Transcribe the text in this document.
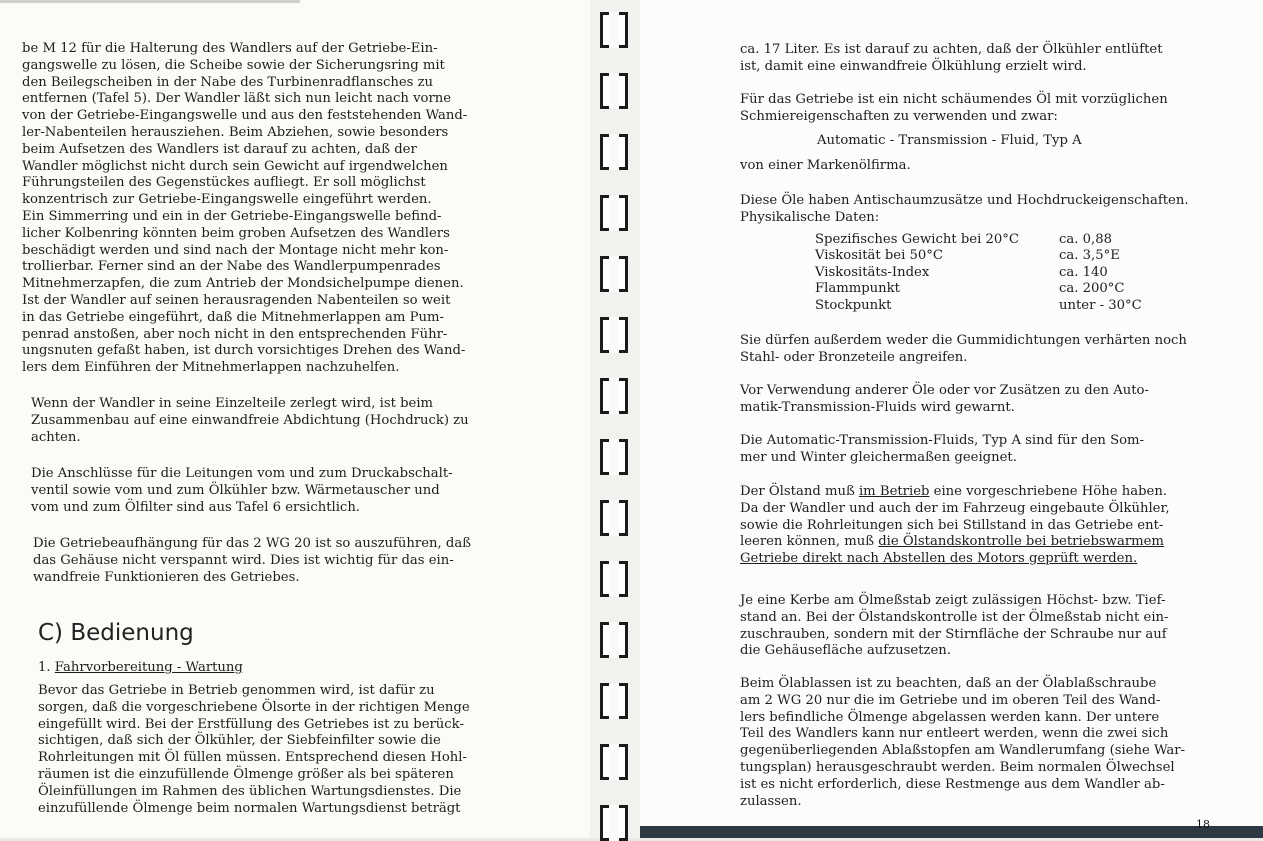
be M 12 für die Halterung des Wandlers auf der Getriebe-Ein-
gangswelle zu lösen, die Scheibe sowie der Sicherungsring mit
den Beilegscheiben in der Nabe des Turbinenradflansches zu
entfernen (Tafel 5). Der Wandler läßt sich nun leicht nach vorne
von der Getriebe-Eingangswelle und aus den feststehenden Wand-
ler-Nabenteilen herausziehen. Beim Abziehen, sowie besonders
beim Aufsetzen des Wandlers ist darauf zu achten, daß der
Wandler möglichst nicht durch sein Gewicht auf irgendwelchen
Führungsteilen des Gegenstückes aufliegt. Er soll möglichst
konzentrisch zur Getriebe-Eingangswelle eingeführt werden.
Ein Simmerring und ein in der Getriebe-Eingangswelle befind-
licher Kolbenring könnten beim groben Aufsetzen des Wandlers
beschädigt werden und sind nach der Montage nicht mehr kon-
trollierbar. Ferner sind an der Nabe des Wandlerpumpenrades
Mitnehmerzapfen, die zum Antrieb der Mondsichelpumpe dienen.
Ist der Wandler auf seinen herausragenden Nabenteilen so weit
in das Getriebe eingeführt, daß die Mitnehmerlappen am Pum-
penrad anstoßen, aber noch nicht in den entsprechenden Führ-
ungsnuten gefaßt haben, ist durch vorsichtiges Drehen des Wand-
lers dem Einführen der Mitnehmerlappen nachzuhelfen.
Wenn der Wandler in seine Einzelteile zerlegt wird, ist beim
Zusammenbau auf eine einwandfreie Abdichtung (Hochdruck) zu
achten.
Die Anschlüsse für die Leitungen vom und zum Druckabschalt-
ventil sowie vom und zum Ölkühler bzw. Wärmetauscher und
vom und zum Ölfilter sind aus Tafel 6 ersichtlich.
Die Getriebeaufhängung für das 2 WG 20 ist so auszuführen, daß
das Gehäuse nicht verspannt wird. Dies ist wichtig für das ein-
wandfreie Funktionieren des Getriebes.
C) Bedienung
1. Fahrvorbereitung - Wartung
Bevor das Getriebe in Betrieb genommen wird, ist dafür zu
sorgen, daß die vorgeschriebene Ölsorte in der richtigen Menge
eingefüllt wird. Bei der Erstfüllung des Getriebes ist zu berück-
sichtigen, daß sich der Ölkühler, der Siebfeinfilter sowie die
Rohrleitungen mit Öl füllen müssen. Entsprechend diesen Hohl-
räumen ist die einzufüllende Ölmenge größer als bei späteren
Öleinfüllungen im Rahmen des üblichen Wartungsdienstes. Die
einzufüllende Ölmenge beim normalen Wartungsdienst beträgt
ca. 17 Liter. Es ist darauf zu achten, daß der Ölkühler entlüftet
ist, damit eine einwandfreie Ölkühlung erzielt wird.
Für das Getriebe ist ein nicht schäumendes Öl mit vorzüglichen
Schmiereigenschaften zu verwenden und zwar:
von einer Markenölfirma.
Diese Öle haben Antischaumzusätze und Hochdruckeigenschaften.
Physikalische Daten:
Sie dürfen außerdem weder die Gummidichtungen verhärten noch
Stahl- oder Bronzeteile angreifen.
Vor Verwendung anderer Öle oder vor Zusätzen zu den Auto-
matik-Transmission-Fluids wird gewarnt.
Die Automatic-Transmission-Fluids, Typ A sind für den Som-
mer und Winter gleichermaßen geeignet.
Der Ölstand muß im Betrieb eine vorgeschriebene Höhe haben.
Da der Wandler und auch der im Fahrzeug eingebaute Ölkühler,
sowie die Rohrleitungen sich bei Stillstand in das Getriebe ent-
leeren können, muß die Ölstandskontrolle bei betriebswarmem
Getriebe direkt nach Abstellen des Motors geprüft werden.
Je eine Kerbe am Ölmeßstab zeigt zulässigen Höchst- bzw. Tief-
stand an. Bei der Ölstandskontrolle ist der Ölmeßstab nicht ein-
zuschrauben, sondern mit der Stirnfläche der Schraube nur auf
die Gehäusefläche aufzusetzen.
Beim Ölablassen ist zu beachten, daß an der Ölablaßschraube
am 2 WG 20 nur die im Getriebe und im oberen Teil des Wand-
lers befindliche Ölmenge abgelassen werden kann. Der untere
Teil des Wandlers kann nur entleert werden, wenn die zwei sich
gegenüberliegenden Ablaßstopfen am Wandlerumfang (siehe War-
tungsplan) herausgeschraubt werden. Beim normalen Ölwechsel
ist es nicht erforderlich, diese Restmenge aus dem Wandler ab-
zulassen.
Automatic - Transmission - Fluid, Typ A
Spezifisches Gewicht bei 20°C	ca. 0,88
Viskosität bei 50°C	ca. 3,5°E
Viskositäts-Index	ca. 140
Flammpunkt	ca. 200°C
Stockpunkt	unter - 30°C
18
